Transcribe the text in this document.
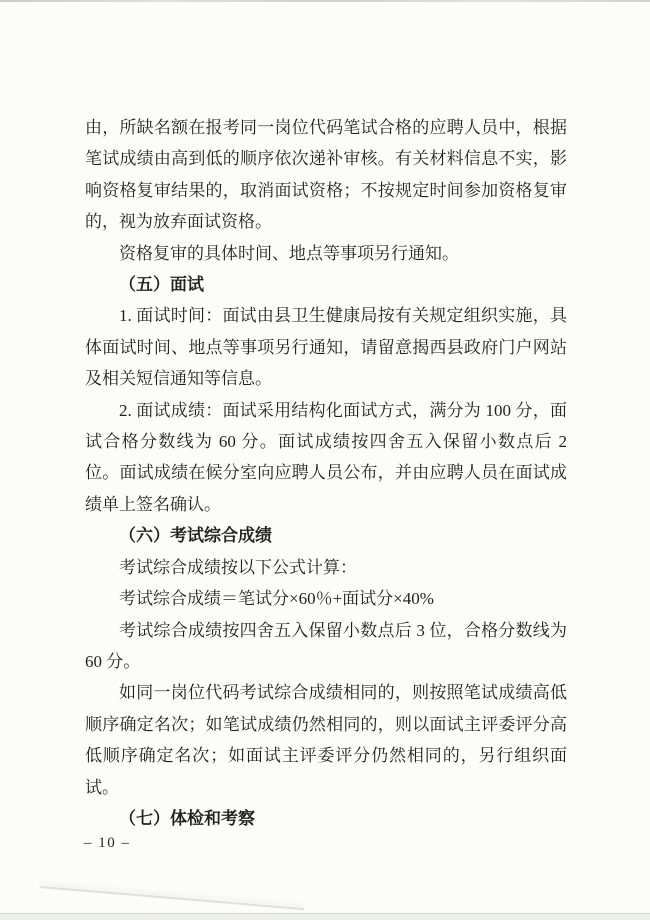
由，所缺名额在报考同一岗位代码笔试合格的应聘人员中，根据笔试成绩由高到低的顺序依次递补审核。有关材料信息不实，影响资格复审结果的，取消面试资格；不按规定时间参加资格复审的，视为放弃面试资格。

资格复审的具体时间、地点等事项另行通知。

（五）面试

1. 面试时间：面试由县卫生健康局按有关规定组织实施，具体面试时间、地点等事项另行通知，请留意揭西县政府门户网站及相关短信通知等信息。

2. 面试成绩：面试采用结构化面试方式，满分为 100 分，面试合格分数线为 60 分。面试成绩按四舍五入保留小数点后 2 位。面试成绩在候分室向应聘人员公布，并由应聘人员在面试成绩单上签名确认。

（六）考试综合成绩

考试综合成绩按以下公式计算：

考试综合成绩＝笔试分×60％+面试分×40%

考试综合成绩按四舍五入保留小数点后 3 位，合格分数线为 60 分。

如同一岗位代码考试综合成绩相同的，则按照笔试成绩高低顺序确定名次；如笔试成绩仍然相同的，则以面试主评委评分高低顺序确定名次；如面试主评委评分仍然相同的，另行组织面试。

（七）体检和考察

– 10 –
